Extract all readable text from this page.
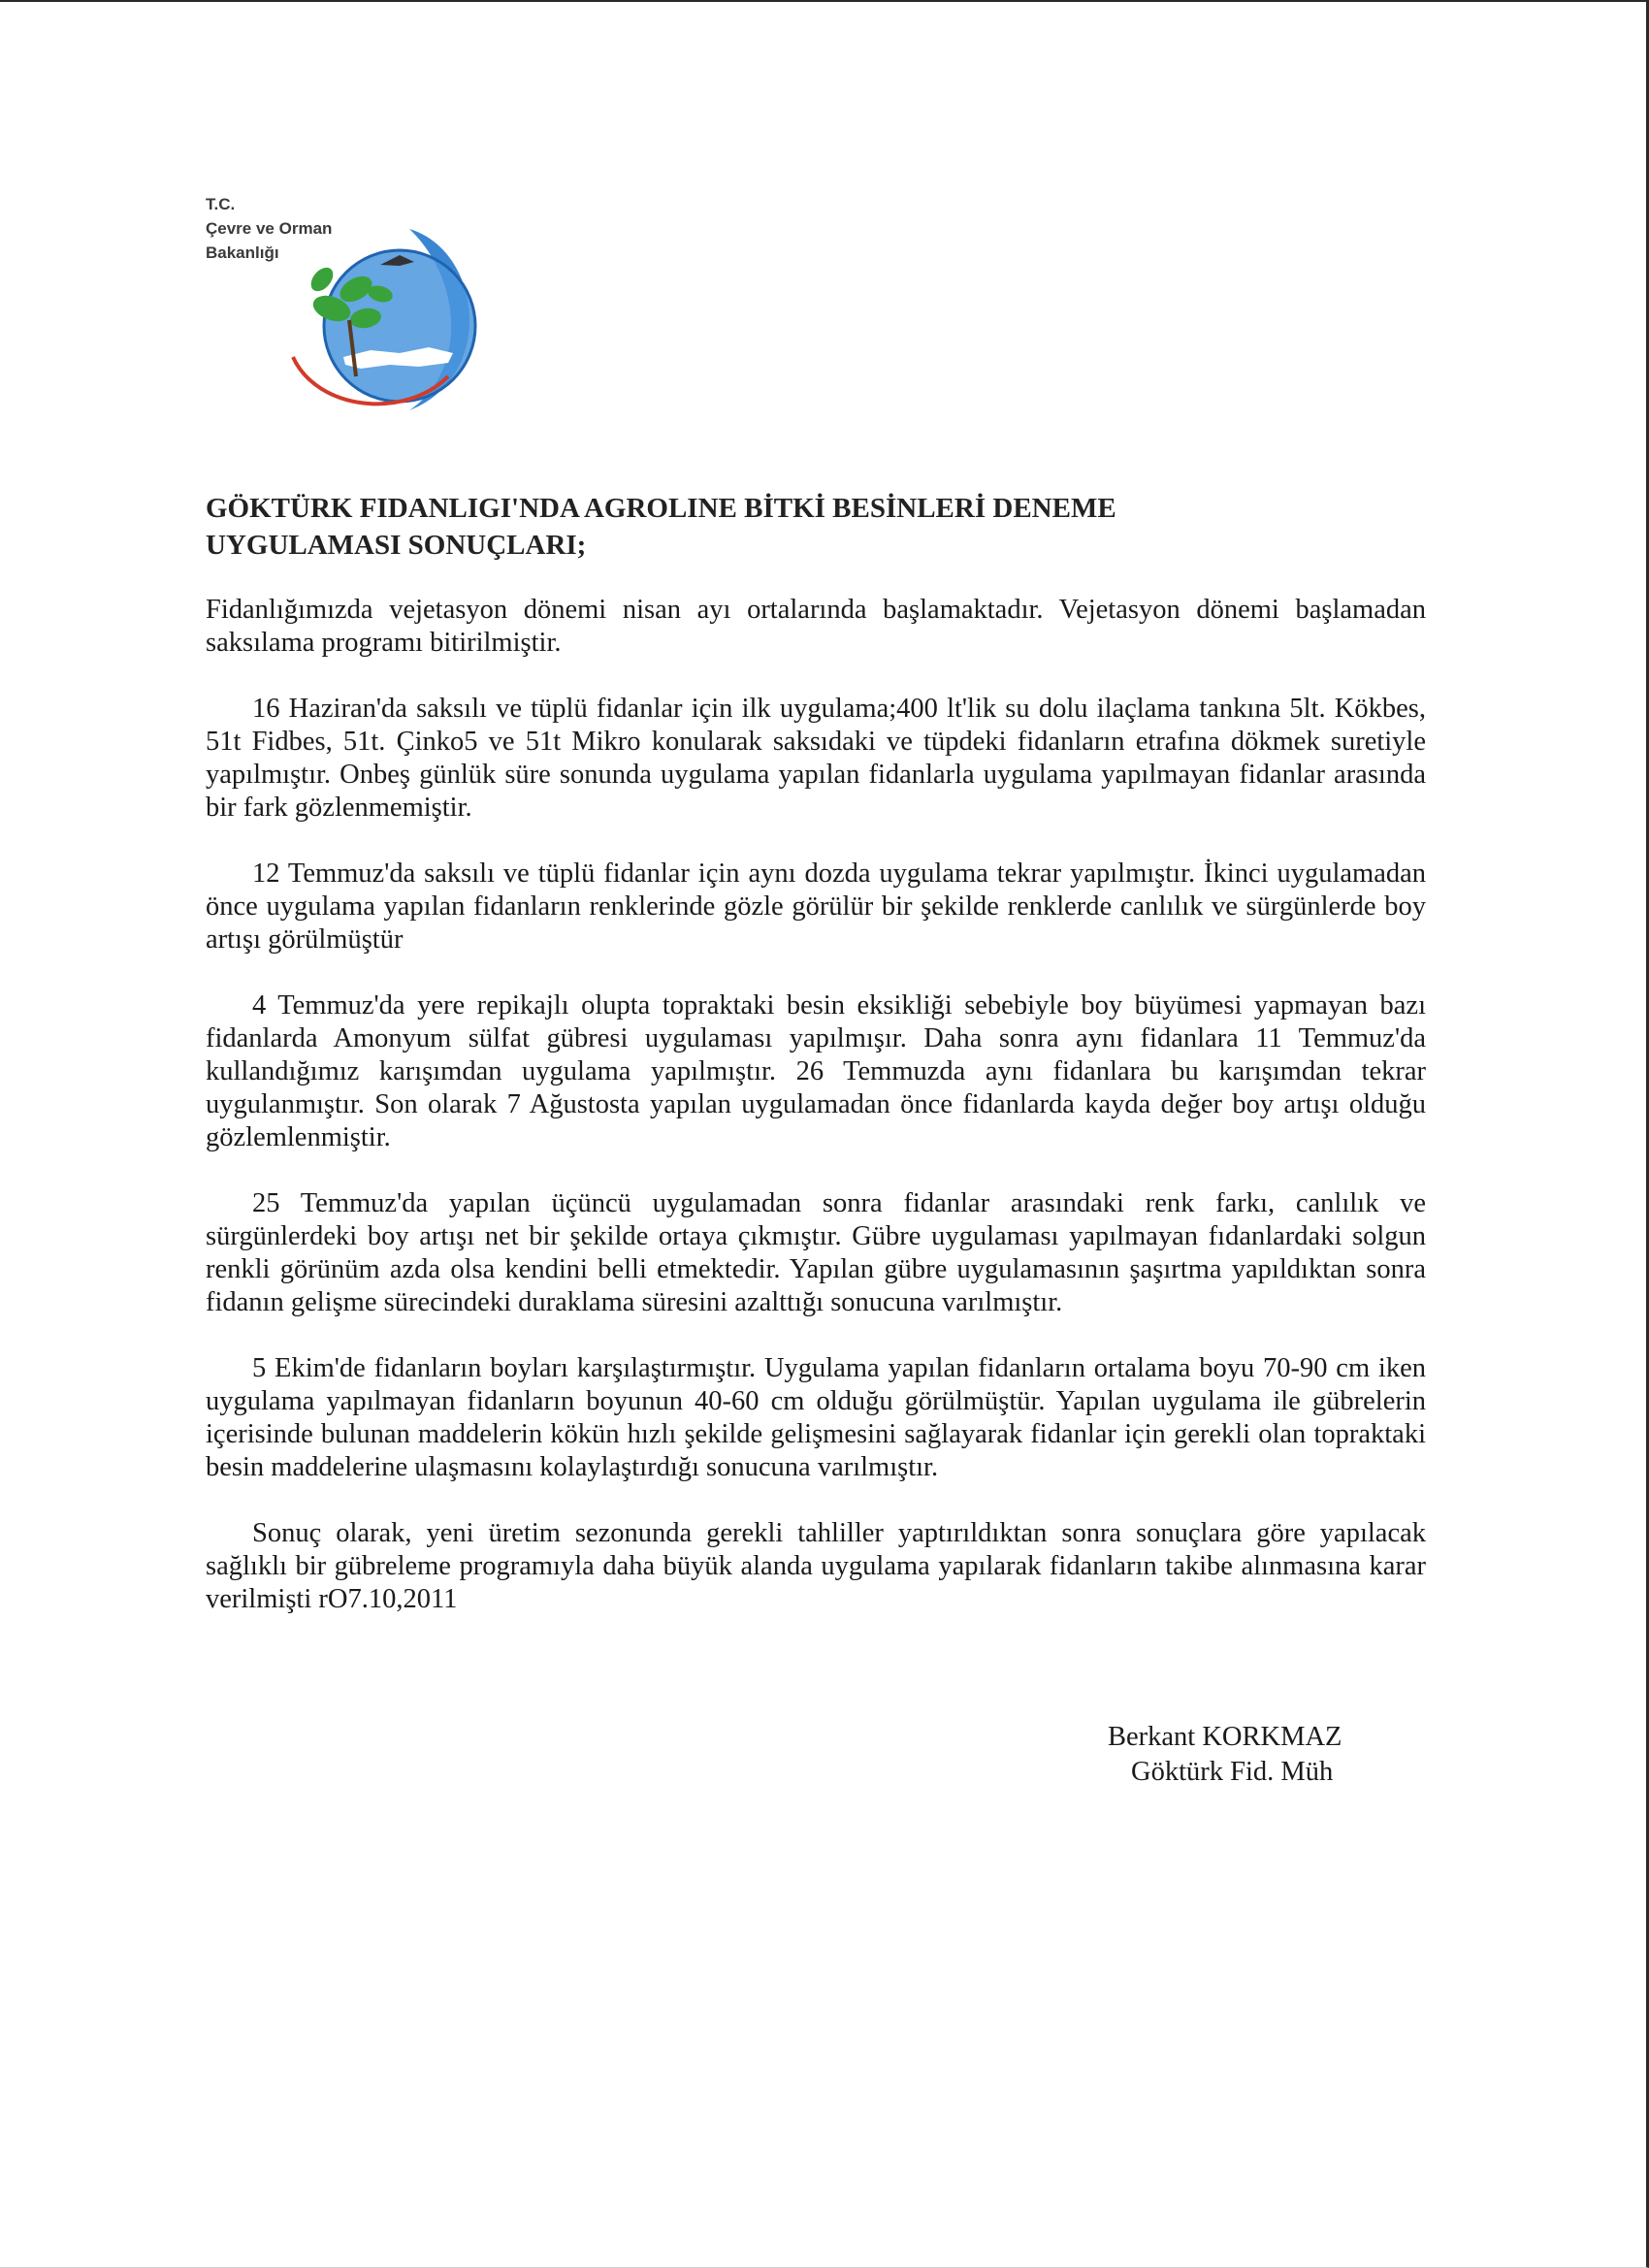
T.C.
Çevre ve Orman
Bakanlığı
GÖKTÜRK FIDANLIGI'NDA AGROLINE BİTKİ BESİNLERİ DENEME
UYGULAMASI SONUÇLARI;

Fidanlığımızda vejetasyon dönemi nisan ayı ortalarında başlamaktadır. Vejetasyon dönemi başlamadan saksılama programı bitirilmiştir.

16 Haziran'da saksılı ve tüplü fidanlar için ilk uygulama;400 lt'lik su dolu ilaçlama tankına 5lt. Kökbes, 51t Fidbes, 51t. Çinko5 ve 51t Mikro konularak saksıdaki ve tüpdeki fidanların etrafına dökmek suretiyle yapılmıştır. Onbeş günlük süre sonunda uygulama yapılan fidanlarla uygulama yapılmayan fidanlar arasında bir fark gözlenmemiştir.

12 Temmuz'da saksılı ve tüplü fidanlar için aynı dozda uygulama tekrar yapılmıştır. İkinci uygulamadan önce uygulama yapılan fidanların renklerinde gözle görülür bir şekilde renklerde canlılık ve sürgünlerde boy artışı görülmüştür

4 Temmuz'da yere repikajlı olupta topraktaki besin eksikliği sebebiyle boy büyümesi yapmayan bazı fidanlarda Amonyum sülfat gübresi uygulaması yapılmışır. Daha sonra aynı fidanlara 11 Temmuz'da kullandığımız karışımdan uygulama yapılmıştır. 26 Temmuzda aynı fidanlara bu karışımdan tekrar uygulanmıştır. Son olarak 7 Ağustosta yapılan uygulamadan önce fidanlarda kayda değer boy artışı olduğu gözlemlenmiştir.

25 Temmuz'da yapılan üçüncü uygulamadan sonra fidanlar arasındaki renk farkı, canlılık ve sürgünlerdeki boy artışı net bir şekilde ortaya çıkmıştır. Gübre uygulaması yapılmayan fıdanlardaki solgun renkli görünüm azda olsa kendini belli etmektedir. Yapılan gübre uygulamasının şaşırtma yapıldıktan sonra fidanın gelişme sürecindeki duraklama süresini azalttığı sonucuna varılmıştır.

5 Ekim'de fidanların boyları karşılaştırmıştır. Uygulama yapılan fidanların ortalama boyu 70-90 cm iken uygulama yapılmayan fidanların boyunun 40-60 cm olduğu görülmüştür. Yapılan uygulama ile gübrelerin içerisinde bulunan maddelerin kökün hızlı şekilde gelişmesini sağlayarak fidanlar için gerekli olan topraktaki besin maddelerine ulaşmasını kolaylaştırdığı sonucuna varılmıştır.

Sonuç olarak, yeni üretim sezonunda gerekli tahliller yaptırıldıktan sonra sonuçlara göre yapılacak sağlıklı bir gübreleme programıyla daha büyük alanda uygulama yapılarak fidanların takibe alınmasına karar verilmişti rO7.10,2011

Berkant KORKMAZ
Göktürk Fid. Müh
